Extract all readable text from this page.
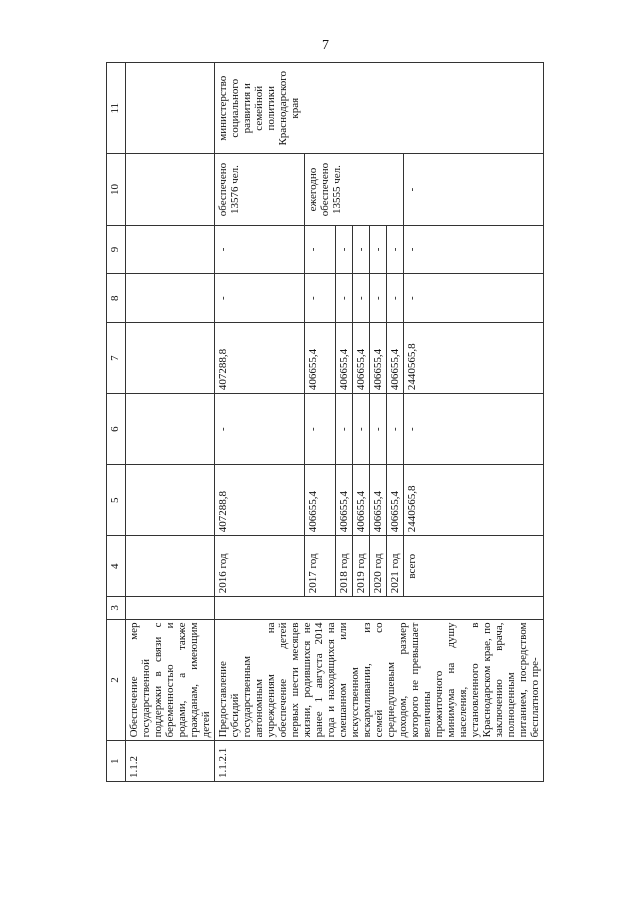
7
1	2	3	4	5	6	7	8	9	10	11
1.1.2	Обеспечение мер государственной поддержки в связи с беременностью и родами, а также гражданам, имеющим детей									
1.1.2.1	Предоставление субсидий государственным автономным учреждениям на обеспечение детей первых шести месяцев жизни, родившихся не ранее 1 августа 2014 года и находящихся на смешанном или искусственном вскармливании, из семей со среднедушевым доходом, размер которого не превышает величины прожиточного минимума на душу населения, установленного в Краснодарском крае, по заключению врача, полноценным питанием, посредством бесплатного пре-		2016 год	407288,8	-	407288,8	-	-	обеспечено 13576 чел.	министерство социального развития и семейной политики Краснодарского края
			2017 год	406655,4	-	406655,4	-	-	ежегодно обеспечено 13555 чел.	
			2018 год	406655,4	-	406655,4	-	-		
			2019 год	406655,4	-	406655,4	-	-		
			2020 год	406655,4	-	406655,4	-	-		
			2021 год	406655,4	-	406655,4	-	-		
			всего	2440565,8	-	2440565,8	-	-	-	
